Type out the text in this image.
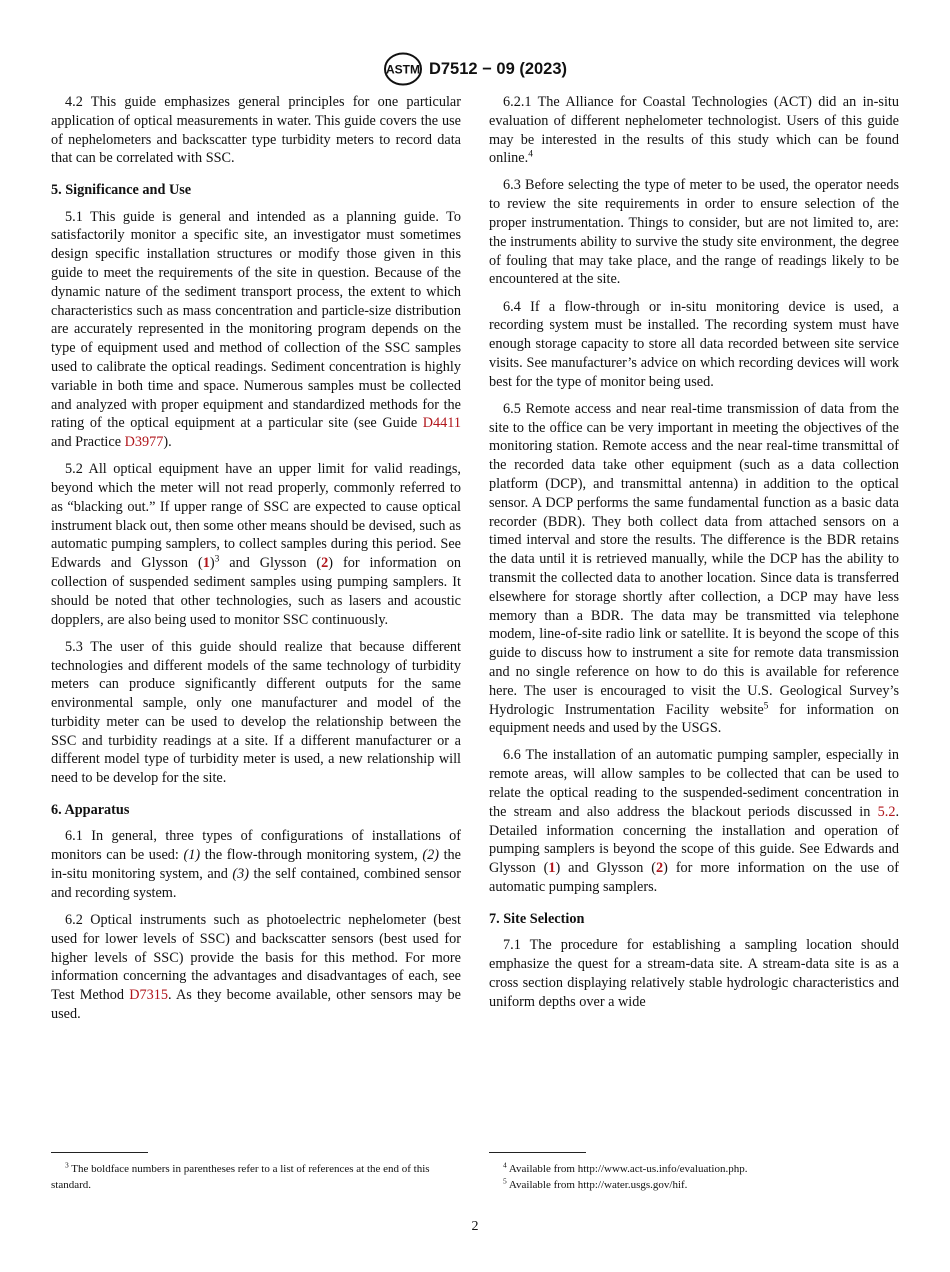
ASTM D7512 − 09 (2023)

4.2 This guide emphasizes general principles for one particular application of optical measurements in water. This guide covers the use of nephelometers and backscatter type turbidity meters to record data that can be correlated with SSC.

5. Significance and Use

5.1 This guide is general and intended as a planning guide. To satisfactorily monitor a specific site, an investigator must sometimes design specific installation structures or modify those given in this guide to meet the requirements of the site in question. Because of the dynamic nature of the sediment transport process, the extent to which characteristics such as mass concentration and particle-size distribution are accurately represented in the monitoring program depends on the type of equipment used and method of collection of the SSC samples used to calibrate the optical readings. Sediment concentration is highly variable in both time and space. Numerous samples must be collected and analyzed with proper equipment and standardized methods for the rating of the optical equipment at a particular site (see Guide D4411 and Practice D3977).

5.2 All optical equipment have an upper limit for valid readings, beyond which the meter will not read properly, commonly referred to as “blacking out.” If upper range of SSC are expected to cause optical instrument black out, then some other means should be devised, such as automatic pumping samplers, to collect samples during this period. See Edwards and Glysson $(1)^3$ and Glysson (2) for information on collection of suspended sediment samples using pumping samplers. It should be noted that other technologies, such as lasers and acoustic dopplers, are also being used to monitor SSC continuously.

5.3 The user of this guide should realize that because different technologies and different models of the same technology of turbidity meters can produce significantly different outputs for the same environmental sample, only one manufacturer and model of the turbidity meter can be used to develop the relationship between the SSC and turbidity readings at a site. If a different manufacturer or a different model type of turbidity meter is used, a new relationship will need to be develop for the site.

6. Apparatus

6.1 In general, three types of configurations of installations of monitors can be used: (1) the flow-through monitoring system, (2) the in-situ monitoring system, and (3) the self contained, combined sensor and recording system.

6.2 Optical instruments such as photoelectric nephelometer (best used for lower levels of SSC) and backscatter sensors (best used for higher levels of SSC) provide the basis for this method. For more information concerning the advantages and disadvantages of each, see Test Method D7315. As they become available, other sensors may be used.

6.2.1 The Alliance for Coastal Technologies (ACT) did an in-situ evaluation of different nephelometer technologist. Users of this guide may be interested in the results of this study which can be found online.$^4$

6.3 Before selecting the type of meter to be used, the operator needs to review the site requirements in order to ensure selection of the proper instrumentation. Things to consider, but are not limited to, are: the instruments ability to survive the study site environment, the degree of fouling that may take place, and the range of readings likely to be encountered at the site.

6.4 If a flow-through or in-situ monitoring device is used, a recording system must be installed. The recording system must have enough storage capacity to store all data recorded between site service visits. See manufacturer’s advice on which recording devices will work best for the type of monitor being used.

6.5 Remote access and near real-time transmission of data from the site to the office can be very important in meeting the objectives of the monitoring station. Remote access and the near real-time transmittal of the recorded data take other equipment (such as a data collection platform (DCP), and transmittal antenna) in addition to the optical sensor. A DCP performs the same fundamental function as a basic data recorder (BDR). They both collect data from attached sensors on a timed interval and store the results. The difference is the BDR retains the data until it is retrieved manually, while the DCP has the ability to transmit the collected data to another location. Since data is transferred elsewhere for storage shortly after collection, a DCP may have less memory than a BDR. The data may be transmitted via telephone modem, line-of-site radio link or satellite. It is beyond the scope of this guide to discuss how to instrument a site for remote data transmission and no single reference on how to do this is available for reference here. The user is encouraged to visit the U.S. Geological Survey’s Hydrologic Instrumentation Facility website$^5$ for information on equipment needs and used by the USGS.

6.6 The installation of an automatic pumping sampler, especially in remote areas, will allow samples to be collected that can be used to relate the optical reading to the suspended-sediment concentration in the stream and also address the blackout periods discussed in 5.2. Detailed information concerning the installation and operation of pumping samplers is beyond the scope of this guide. See Edwards and Glysson (1) and Glysson (2) for more information on the use of automatic pumping samplers.

7. Site Selection

7.1 The procedure for establishing a sampling location should emphasize the quest for a stream-data site. A stream-data site is as a cross section displaying relatively stable hydrologic characteristics and uniform depths over a wide

$^3$ The boldface numbers in parentheses refer to a list of references at the end of this standard.

$^4$ Available from http://www.act-us.info/evaluation.php.

$^5$ Available from http://water.usgs.gov/hif.

2
